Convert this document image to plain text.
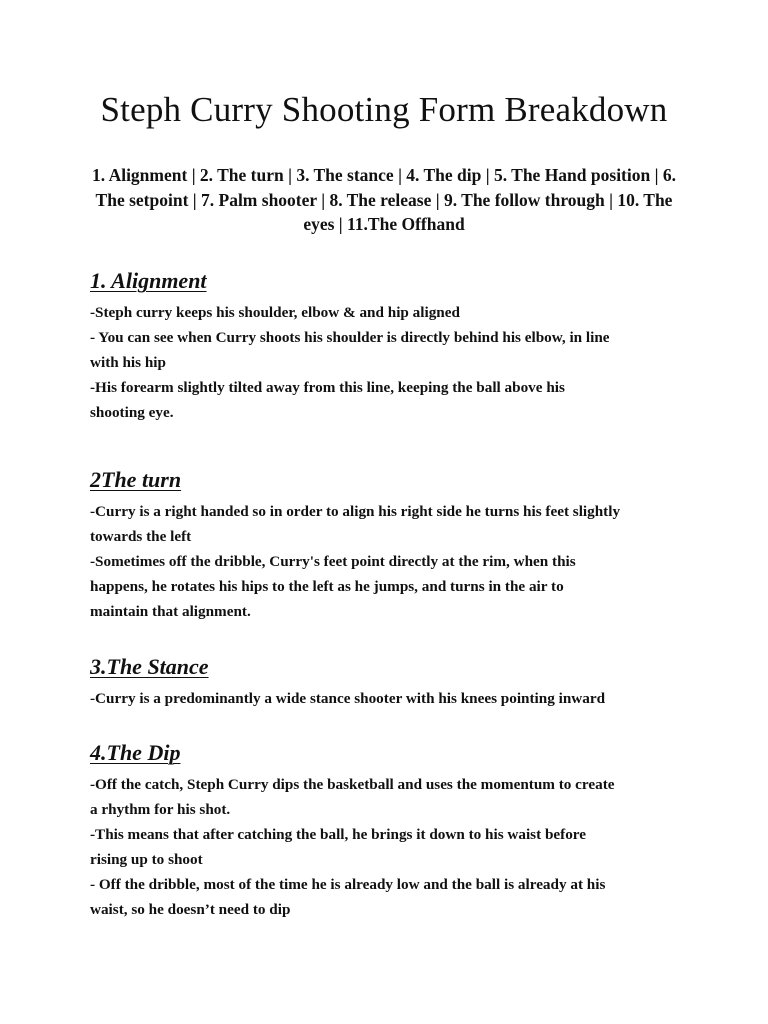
Steph Curry Shooting Form Breakdown

1. Alignment | 2. The turn | 3. The stance | 4. The dip | 5. The Hand position | 6. The setpoint | 7. Palm shooter | 8. The release | 9. The follow through | 10. The eyes | 11.The Offhand

1. Alignment

-Steph curry keeps his shoulder, elbow & and hip aligned

- You can see when Curry shoots his shoulder is directly behind his elbow, in line

with his hip

-His forearm slightly tilted away from this line, keeping the ball above his

shooting eye.

2The turn

-Curry is a right handed so in order to align his right side he turns his feet slightly

towards the left

-Sometimes off the dribble, Curry's feet point directly at the rim, when this

happens, he rotates his hips to the left as he jumps, and turns in the air to

maintain that alignment.

3.The Stance

-Curry is a predominantly a wide stance shooter with his knees pointing inward

4.The Dip

-Off the catch, Steph Curry dips the basketball and uses the momentum to create

a rhythm for his shot.

-This means that after catching the ball, he brings it down to his waist before

rising up to shoot

- Off the dribble, most of the time he is already low and the ball is already at his

waist, so he doesn’t need to dip
